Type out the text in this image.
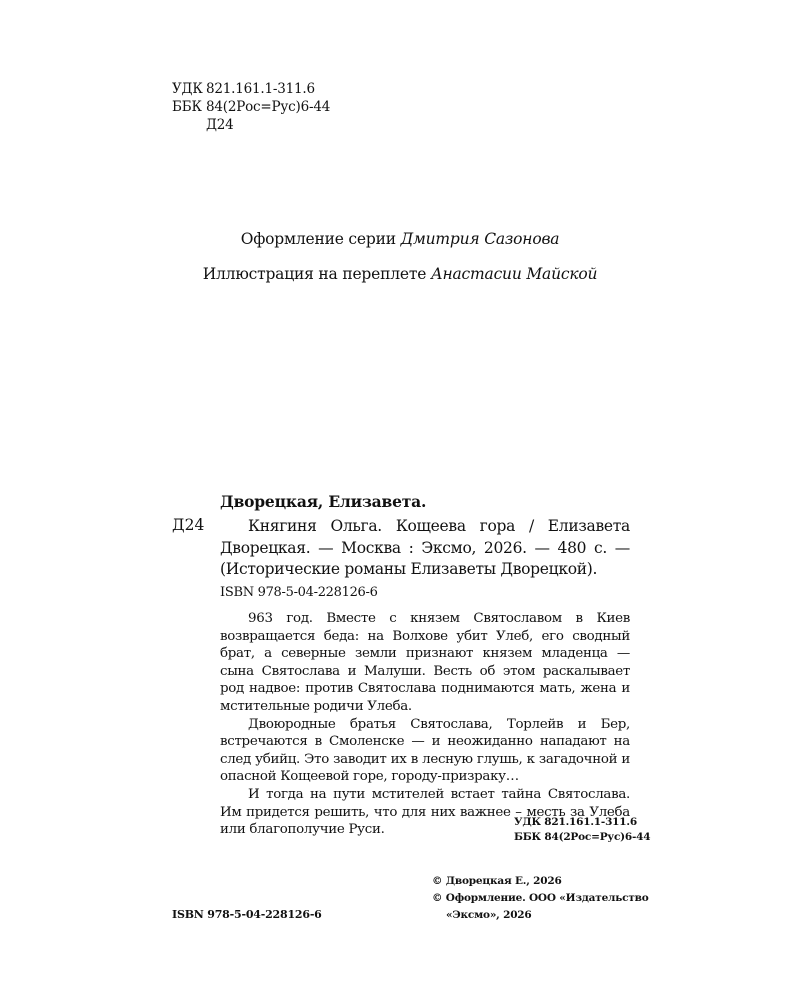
УДК 821.161.1-311.6
ББК 84(2Рос=Рус)6-44
Д24
Оформление серии Дмитрия Сазонова
Иллюстрация на переплете Анастасии Майской
Дворецкая, Елизавета.
Д24	Княгиня Ольга. Кощеева гора / Елизавета Дворецкая. — Москва : Эксмо, 2026. — 480 с. — (Исторические романы Елизаветы Дворецкой).
ISBN 978-5-04-228126-6

963 год. Вместе с князем Святославом в Киев возвращается беда: на Волхове убит Улеб, его сводный брат, а северные земли признают князем младенца — сына Святослава и Малуши. Весть об этом раскалывает род надвое: против Святослава поднимаются мать, жена и мстительные родичи Улеба.

Двоюродные братья Святослава, Торлейв и Бер, встречаются в Смоленске — и неожиданно нападают на след убийц. Это заводит их в лесную глушь, к загадочной и опасной Кощеевой горе, городу-призраку…

И тогда на пути мстителей встает тайна Святослава. Им придется решить, что для них важнее – месть за Улеба или благополучие Руси.

УДК 821.161.1-311.6
ББК 84(2Рос=Рус)6-44
© Дворецкая Е., 2026
© Оформление. ООО «Издательство
«Эксмо», 2026
ISBN 978-5-04-228126-6
